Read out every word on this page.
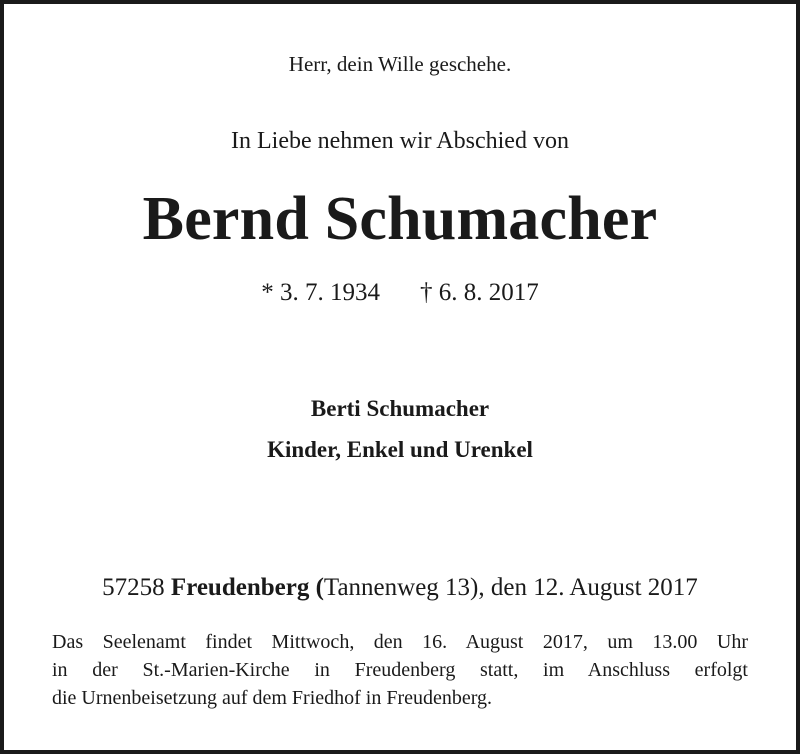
Herr, dein Wille geschehe.
In Liebe nehmen wir Abschied von
Bernd Schumacher
* 3. 7. 1934 † 6. 8. 2017
Berti Schumacher
Kinder, Enkel und Urenkel
57258 Freudenberg (Tannenweg 13), den 12. August 2017
Das Seelenamt findet Mittwoch, den 16. August 2017, um 13.00 Uhr
in der St.-Marien-Kirche in Freudenberg statt, im Anschluss erfolgt
die Urnenbeisetzung auf dem Friedhof in Freudenberg.
